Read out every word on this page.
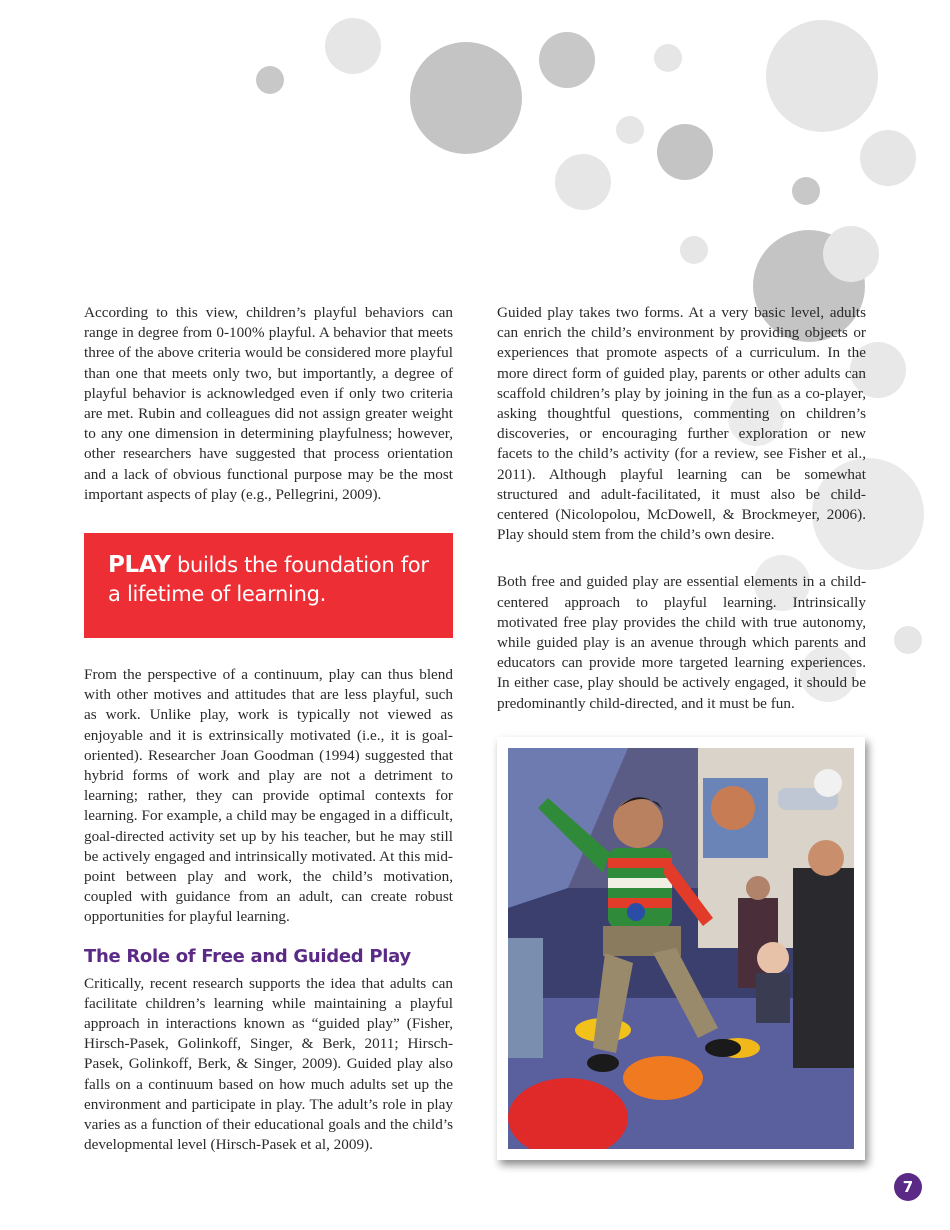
According to this view, children’s playful behaviors can range in degree from 0-100% playful. A behavior that meets three of the above criteria would be considered more playful than one that meets only two, but importantly, a degree of playful behavior is acknowledged even if only two criteria are met. Rubin and colleagues did not assign greater weight to any one dimension in determining playfulness; however, other researchers have suggested that process orientation and a lack of obvious functional purpose may be the most important aspects of play (e.g., Pellegrini, 2009).

PLAY builds the foundation for a lifetime of learning.

From the perspective of a continuum, play can thus blend with other motives and attitudes that are less playful, such as work. Unlike play, work is typically not viewed as enjoyable and it is extrinsically motivated (i.e., it is goal-oriented). Researcher Joan Goodman (1994) suggested that hybrid forms of work and play are not a detriment to learning; rather, they can provide optimal contexts for learning. For example, a child may be engaged in a difficult, goal-directed activity set up by his teacher, but he may still be actively engaged and intrinsically motivated. At this mid-point between play and work, the child’s motivation, coupled with guidance from an adult, can create robust opportunities for playful learning.

The Role of Free and Guided Play

Critically, recent research supports the idea that adults can facilitate children’s learning while maintaining a playful approach in interactions known as “guided play” (Fisher, Hirsch-Pasek, Golinkoff, Singer, & Berk, 2011; Hirsch-Pasek, Golinkoff, Berk, & Singer, 2009). Guided play also falls on a continuum based on how much adults set up the environment and participate in play. The adult’s role in play varies as a function of their educational goals and the child’s developmental level (Hirsch-Pasek et al, 2009).

Guided play takes two forms. At a very basic level, adults can enrich the child’s environment by providing objects or experiences that promote aspects of a curriculum. In the more direct form of guided play, parents or other adults can scaffold children’s play by joining in the fun as a co-player, asking thoughtful questions, commenting on children’s discoveries, or encouraging further exploration or new facets to the child’s activity (for a review, see Fisher et al., 2011). Although playful learning can be somewhat structured and adult-facilitated, it must also be child-centered (Nicolopolou, McDowell, & Brockmeyer, 2006). Play should stem from the child’s own desire.

Both free and guided play are essential elements in a child-centered approach to playful learning. Intrinsically motivated free play provides the child with true autonomy, while guided play is an avenue through which parents and educators can provide more targeted learning experiences. In either case, play should be actively engaged, it should be predominantly child-directed, and it must be fun.

7
